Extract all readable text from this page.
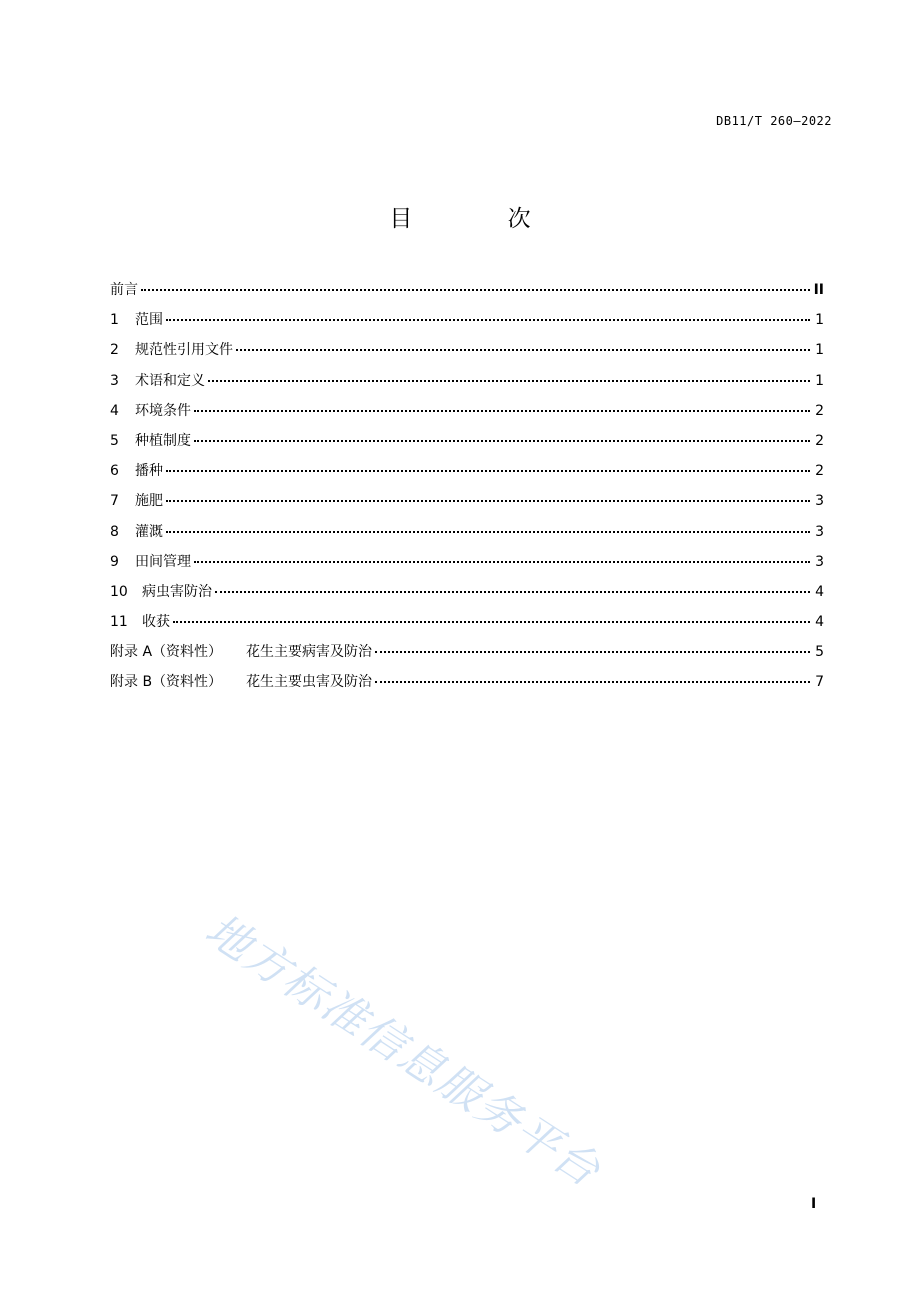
DB11/T 260—2022
目 次
前言	II
1	范围	1
2	规范性引用文件	1
3	术语和定义	1
4	环境条件	2
5	种植制度	2
6	播种	2
7	施肥	3
8	灌溉	3
9	田间管理	3
10	病虫害防治	4
11	收获	4
附录 A（资料性）	花生主要病害及防治	5
附录 B（资料性）	花生主要虫害及防治	7
地方标准信息服务平台
I
